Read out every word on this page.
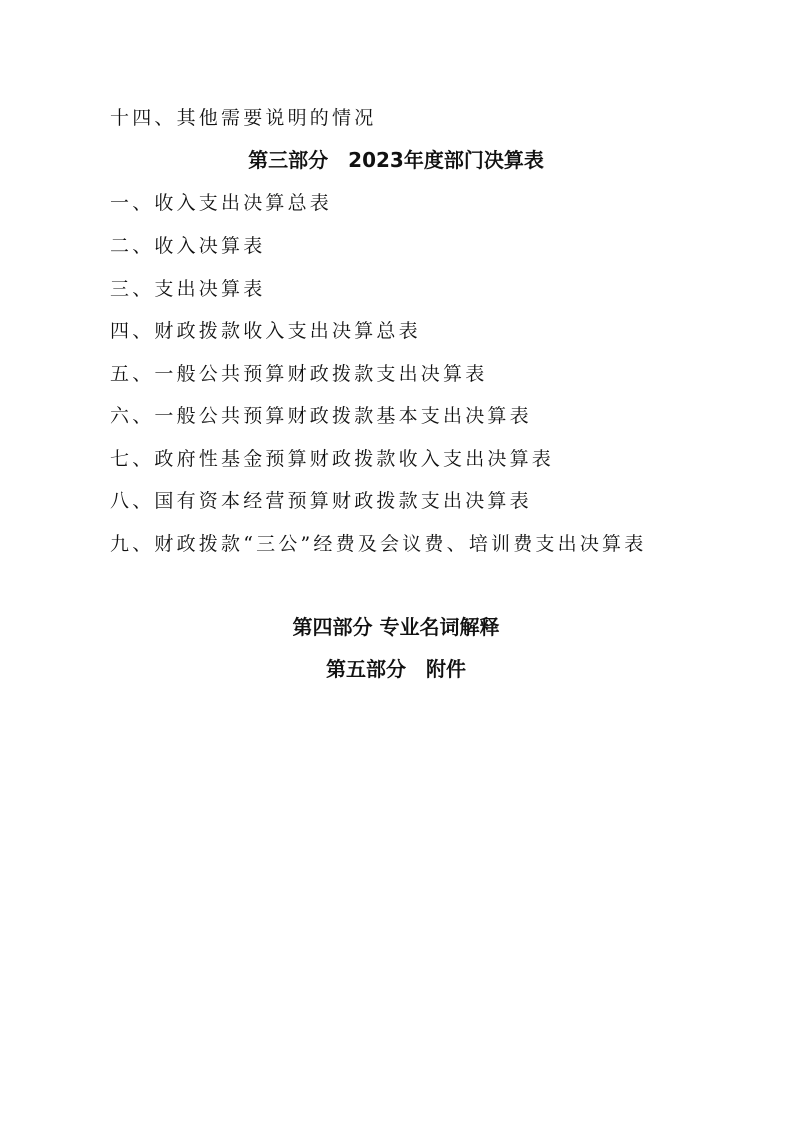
十四、其他需要说明的情况
第三部分　2023年度部门决算表
一、收入支出决算总表
二、收入决算表
三、支出决算表
四、财政拨款收入支出决算总表
五、一般公共预算财政拨款支出决算表
六、一般公共预算财政拨款基本支出决算表
七、政府性基金预算财政拨款收入支出决算表
八、国有资本经营预算财政拨款支出决算表
九、财政拨款“三公”经费及会议费、培训费支出决算表
第四部分 专业名词解释
第五部分　附件
